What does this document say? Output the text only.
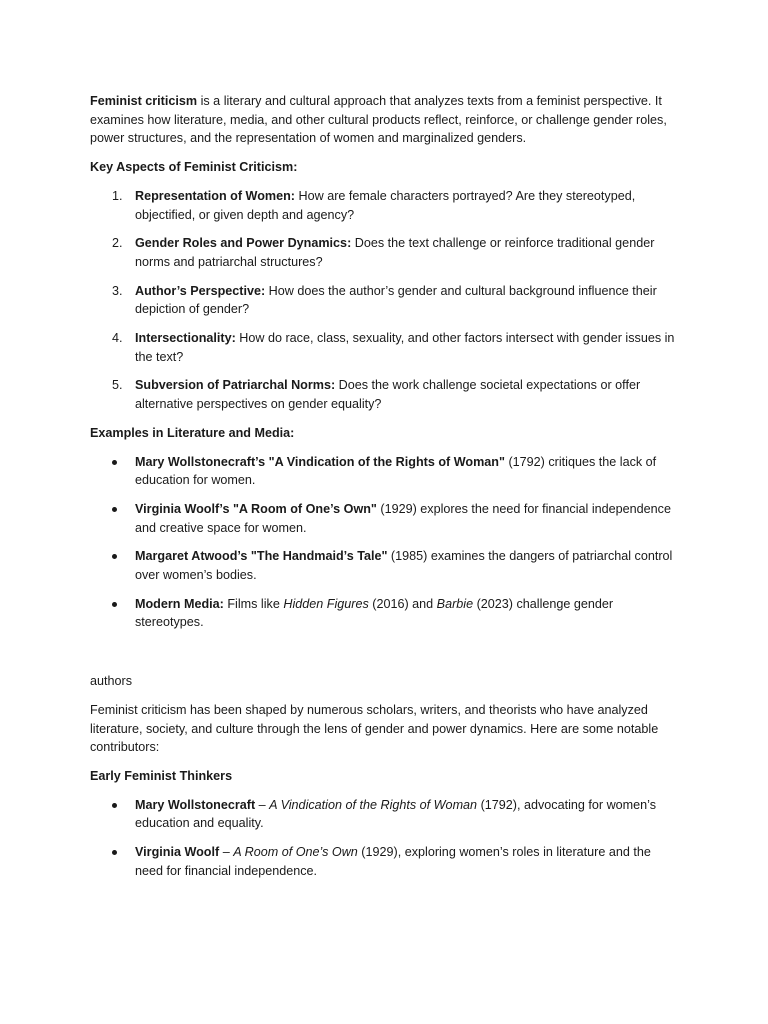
Feminist criticism is a literary and cultural approach that analyzes texts from a feminist perspective. It examines how literature, media, and other cultural products reflect, reinforce, or challenge gender roles, power structures, and the representation of women and marginalized genders.

Key Aspects of Feminist Criticism:

1. Representation of Women: How are female characters portrayed? Are they stereotyped, objectified, or given depth and agency?
2. Gender Roles and Power Dynamics: Does the text challenge or reinforce traditional gender norms and patriarchal structures?
3. Author’s Perspective: How does the author’s gender and cultural background influence their depiction of gender?
4. Intersectionality: How do race, class, sexuality, and other factors intersect with gender issues in the text?
5. Subversion of Patriarchal Norms: Does the work challenge societal expectations or offer alternative perspectives on gender equality?

Examples in Literature and Media:

Mary Wollstonecraft’s "A Vindication of the Rights of Woman" (1792) critiques the lack of education for women.
Virginia Woolf’s "A Room of One’s Own" (1929) explores the need for financial independence and creative space for women.
Margaret Atwood’s "The Handmaid’s Tale" (1985) examines the dangers of patriarchal control over women’s bodies.
Modern Media: Films like Hidden Figures (2016) and Barbie (2023) challenge gender stereotypes.

authors

Feminist criticism has been shaped by numerous scholars, writers, and theorists who have analyzed literature, society, and culture through the lens of gender and power dynamics. Here are some notable contributors:

Early Feminist Thinkers

Mary Wollstonecraft – A Vindication of the Rights of Woman (1792), advocating for women’s education and equality.
Virginia Woolf – A Room of One’s Own (1929), exploring women’s roles in literature and the need for financial independence.
